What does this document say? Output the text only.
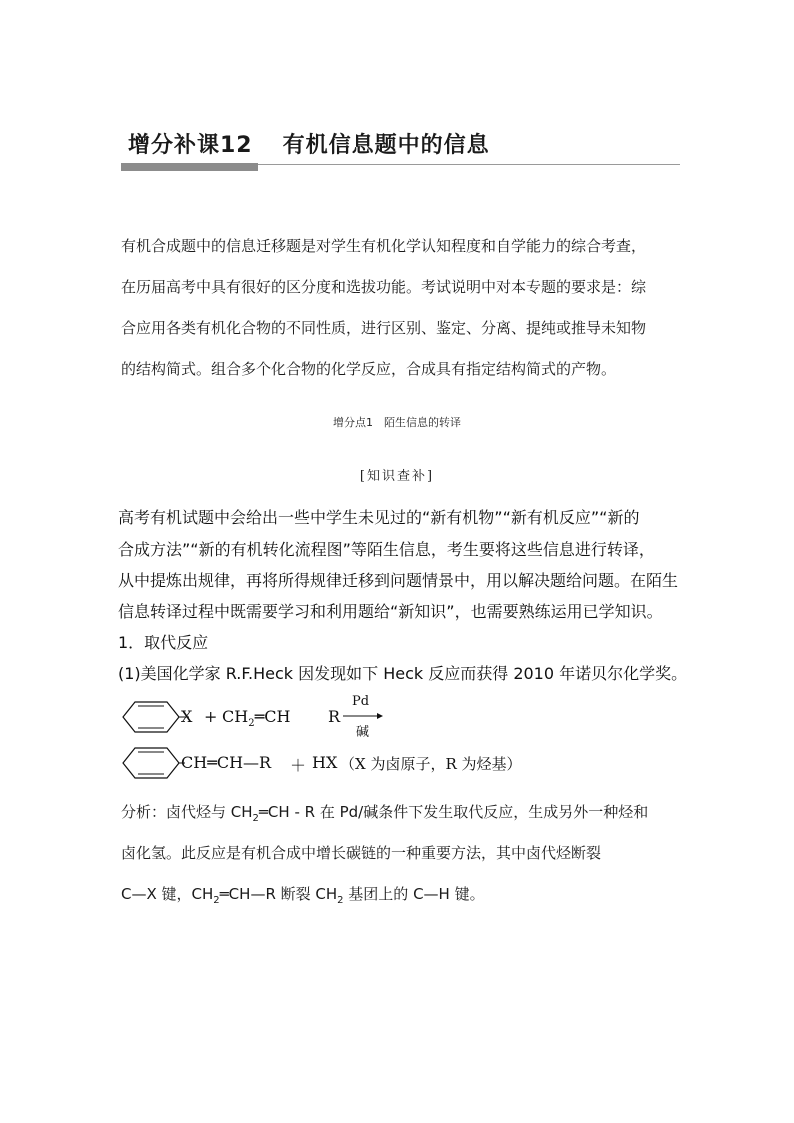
增分补课12 有机信息题中的信息
有机合成题中的信息迁移题是对学生有机化学认知程度和自学能力的综合考查，
在历届高考中具有很好的区分度和选拔功能。考试说明中对本专题的要求是：综
合应用各类有机化合物的不同性质，进行区别、鉴定、分离、提纯或推导未知物
的结构简式。组合多个化合物的化学反应，合成具有指定结构简式的产物。
增分点1　陌生信息的转译
[知识查补]
高考有机试题中会给出一些中学生未见过的“新有机物”“新有机反应”“新的
合成方法”“新的有机转化流程图”等陌生信息，考生要将这些信息进行转译，
从中提炼出规律，再将所得规律迁移到问题情景中，用以解决题给问题。在陌生
信息转译过程中既需要学习和利用题给“新知识”，也需要熟练运用已学知识。
1．取代反应
(1)美国化学家 R.F.Heck 因发现如下 Heck 反应而获得 2010 年诺贝尔化学奖。
$X + CH_2═CH$ R
Pd
碱
CH═CH—R ＋ HX （X 为卤原子，R 为烃基）
分析：卤代烃与 $CH_2═CH$ - R 在 Pd/碱条件下发生取代反应，生成另外一种烃和
卤化氢。此反应是有机合成中增长碳链的一种重要方法，其中卤代烃断裂
C—X 键，$CH_2═CH—R$ 断裂 $CH_2$ 基团上的 C—H 键。
